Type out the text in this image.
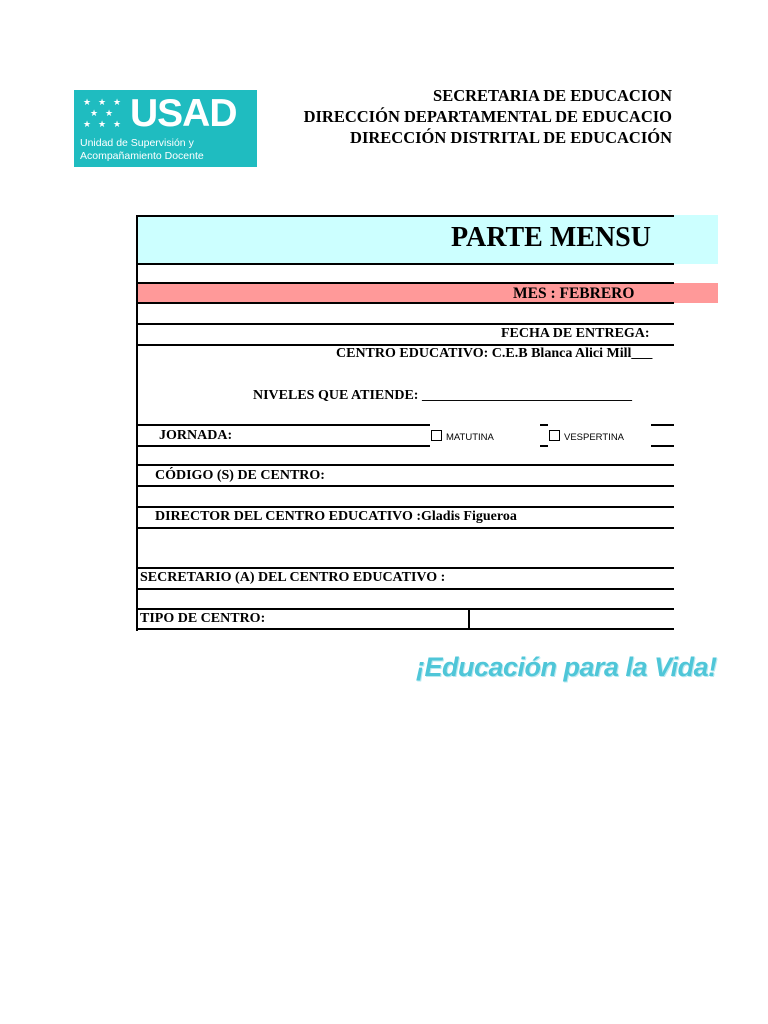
★ ★ ★
★ ★
★ ★ ★ USAD
Unidad de Supervisión y
Acompañamiento Docente
SECRETARIA DE EDUCACION
DIRECCIÓN DEPARTAMENTAL DE EDUCACIO
DIRECCIÓN DISTRITAL DE EDUCACIÓN
PARTE MENSU
MES : FEBRERO
FECHA DE ENTREGA:
CENTRO EDUCATIVO: C.E.B Blanca Alici Mill___
NIVELES QUE ATIENDE: ______________________________
JORNADA:	MATUTINA	VESPERTINA
CÓDIGO (S) DE CENTRO:
DIRECTOR DEL CENTRO EDUCATIVO :Gladis Figueroa
SECRETARIO (A) DEL CENTRO EDUCATIVO :
TIPO DE CENTRO:
¡Educación para la Vida!
